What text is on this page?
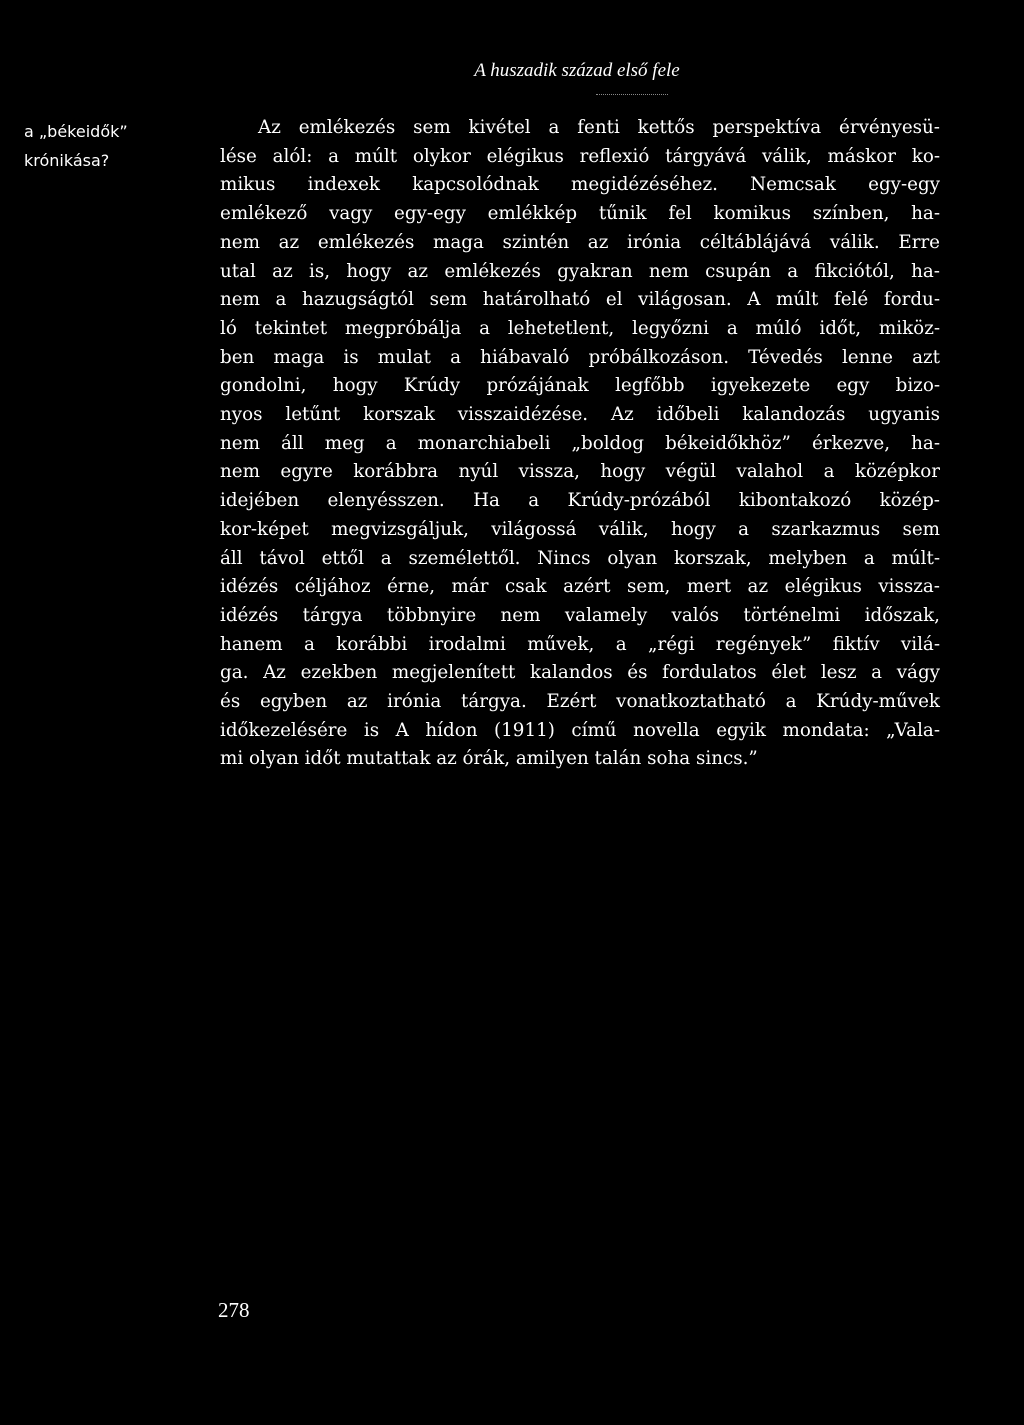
A huszadik század első fele
a „békeidők”
krónikása?
Az emlékezés sem kivétel a fenti kettős perspektíva érvényesü-
lése alól: a múlt olykor elégikus reflexió tárgyává válik, máskor ko-
mikus indexek kapcsolódnak megidézéséhez. Nemcsak egy-egy
emlékező vagy egy-egy emlékkép tűnik fel komikus színben, ha-
nem az emlékezés maga szintén az irónia céltáblájává válik. Erre
utal az is, hogy az emlékezés gyakran nem csupán a fikciótól, ha-
nem a hazugságtól sem határolható el világosan. A múlt felé fordu-
ló tekintet megpróbálja a lehetetlent, legyőzni a múló időt, miköz-
ben maga is mulat a hiábavaló próbálkozáson. Tévedés lenne azt
gondolni, hogy Krúdy prózájának legfőbb igyekezete egy bizo-
nyos letűnt korszak visszaidézése. Az időbeli kalandozás ugyanis
nem áll meg a monarchiabeli „boldog békeidőkhöz” érkezve, ha-
nem egyre korábbra nyúl vissza, hogy végül valahol a középkor
idejében elenyésszen. Ha a Krúdy-prózából kibontakozó közép-
kor-képet megvizsgáljuk, világossá válik, hogy a szarkazmus sem
áll távol ettől a személettől. Nincs olyan korszak, melyben a múlt-
idézés céljához érne, már csak azért sem, mert az elégikus vissza-
idézés tárgya többnyire nem valamely valós történelmi időszak,
hanem a korábbi irodalmi művek, a „régi regények” fiktív vilá-
ga. Az ezekben megjelenített kalandos és fordulatos élet lesz a vágy
és egyben az irónia tárgya. Ezért vonatkoztatható a Krúdy-művek
időkezelésére is A hídon (1911) című novella egyik mondata: „Vala-
mi olyan időt mutattak az órák, amilyen talán soha sincs.”
278
